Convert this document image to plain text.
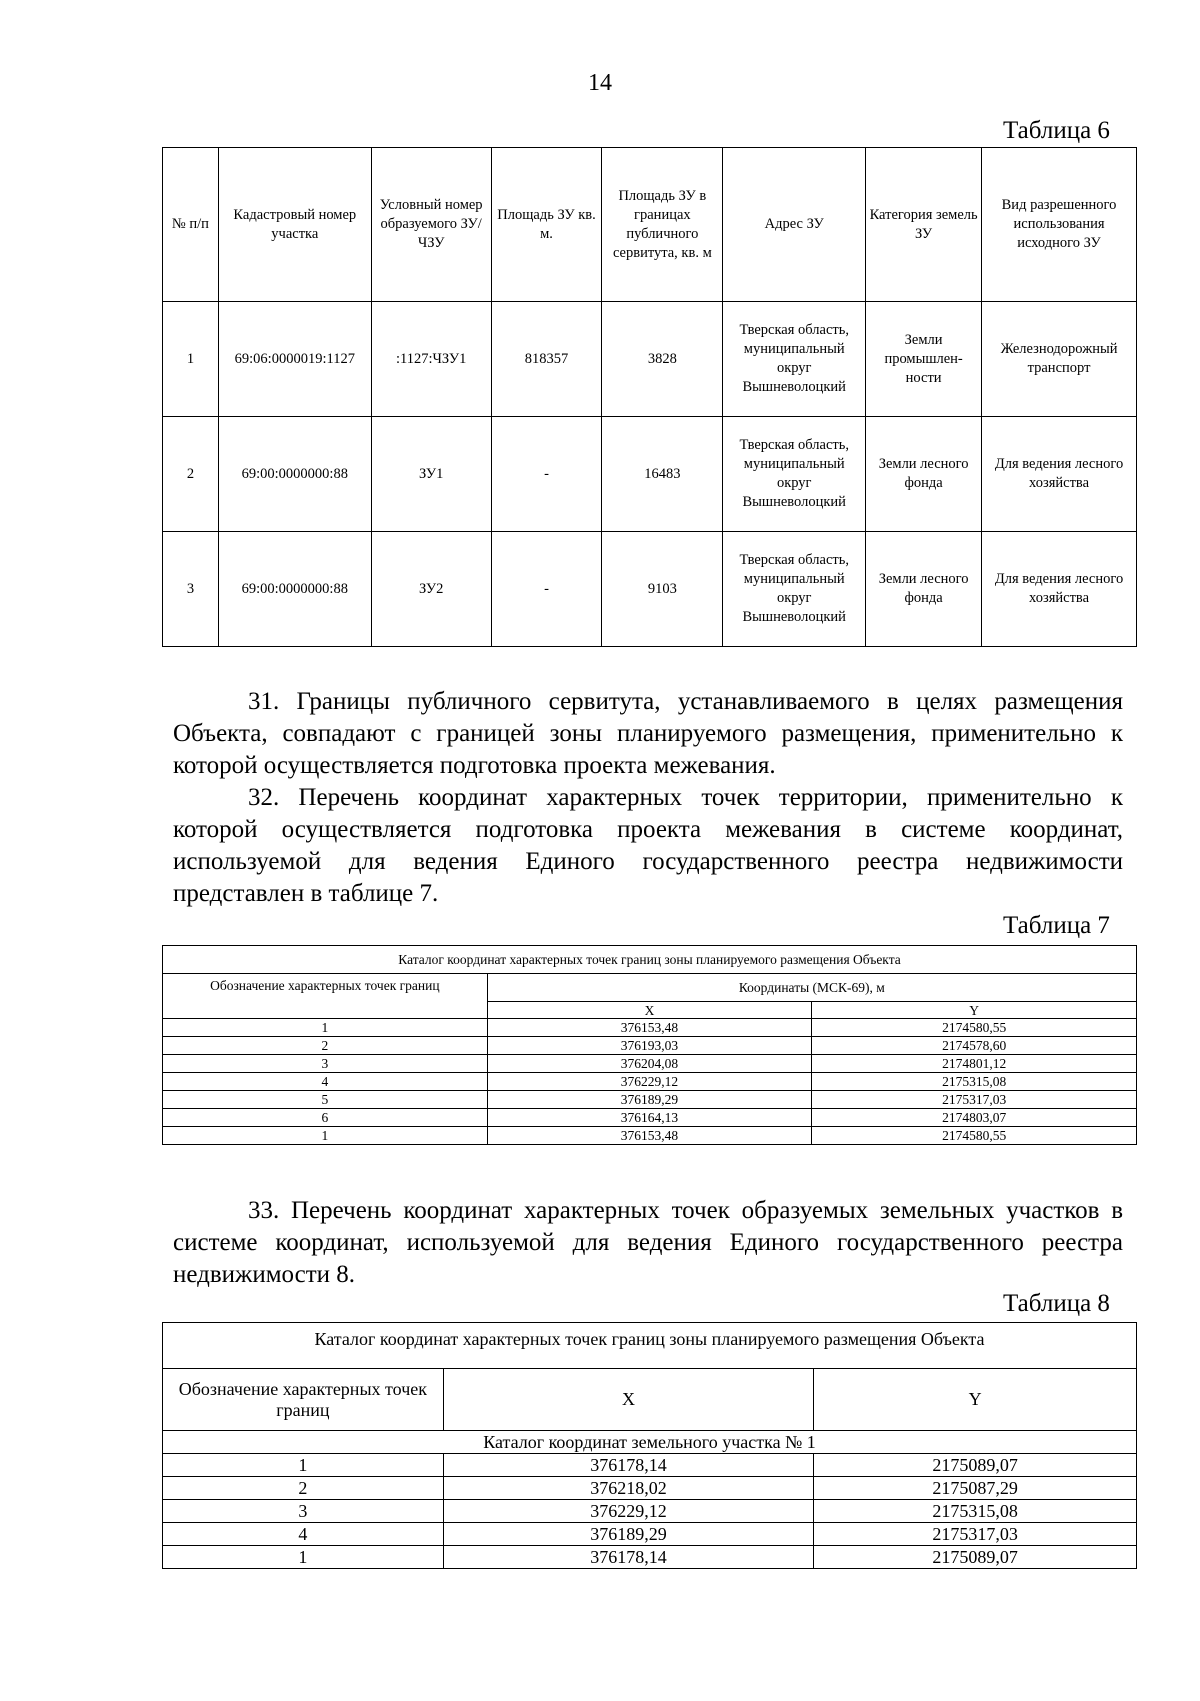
14
Таблица 6
№ п/п	Кадастровый номер участка	Условный номер образуемого ЗУ/ЧЗУ	Площадь ЗУ кв. м.	Площадь ЗУ в границах публичного сервитута, кв. м	Адрес ЗУ	Категория земель ЗУ	Вид разрешенного использования исходного ЗУ
1	69:06:0000019:1127	:1127:ЧЗУ1	818357	3828	Тверская область, муниципальный округ Вышневолоцкий	Земли промышлен-ности	Железнодорожный транспорт
2	69:00:0000000:88	ЗУ1	-	16483	Тверская область, муниципальный округ Вышневолоцкий	Земли лесного фонда	Для ведения лесного хозяйства
3	69:00:0000000:88	ЗУ2	-	9103	Тверская область, муниципальный округ Вышневолоцкий	Земли лесного фонда	Для ведения лесного хозяйства

31. Границы публичного сервитута, устанавливаемого в целях размещения Объекта, совпадают с границей зоны планируемого размещения, применительно к которой осуществляется подготовка проекта межевания.

32. Перечень координат характерных точек территории, применительно к которой осуществляется подготовка проекта межевания в системе координат, используемой для ведения Единого государственного реестра недвижимости представлен в таблице 7.

Таблица 7
Каталог координат характерных точек границ зоны планируемого размещения Объекта		
Обозначение характерных точек границ	Координаты (МСК-69), м	
	X	Y
1	376153,48	2174580,55
2	376193,03	2174578,60
3	376204,08	2174801,12
4	376229,12	2175315,08
5	376189,29	2175317,03
6	376164,13	2174803,07
1	376153,48	2174580,55

33. Перечень координат характерных точек образуемых земельных участков в системе координат, используемой для ведения Единого государственного реестра недвижимости 8.

Таблица 8
Каталог координат характерных точек границ зоны планируемого размещения Объекта		
Обозначение характерных точек границ	X	Y
Каталог координат земельного участка № 1		
1	376178,14	2175089,07
2	376218,02	2175087,29
3	376229,12	2175315,08
4	376189,29	2175317,03
1	376178,14	2175089,07
